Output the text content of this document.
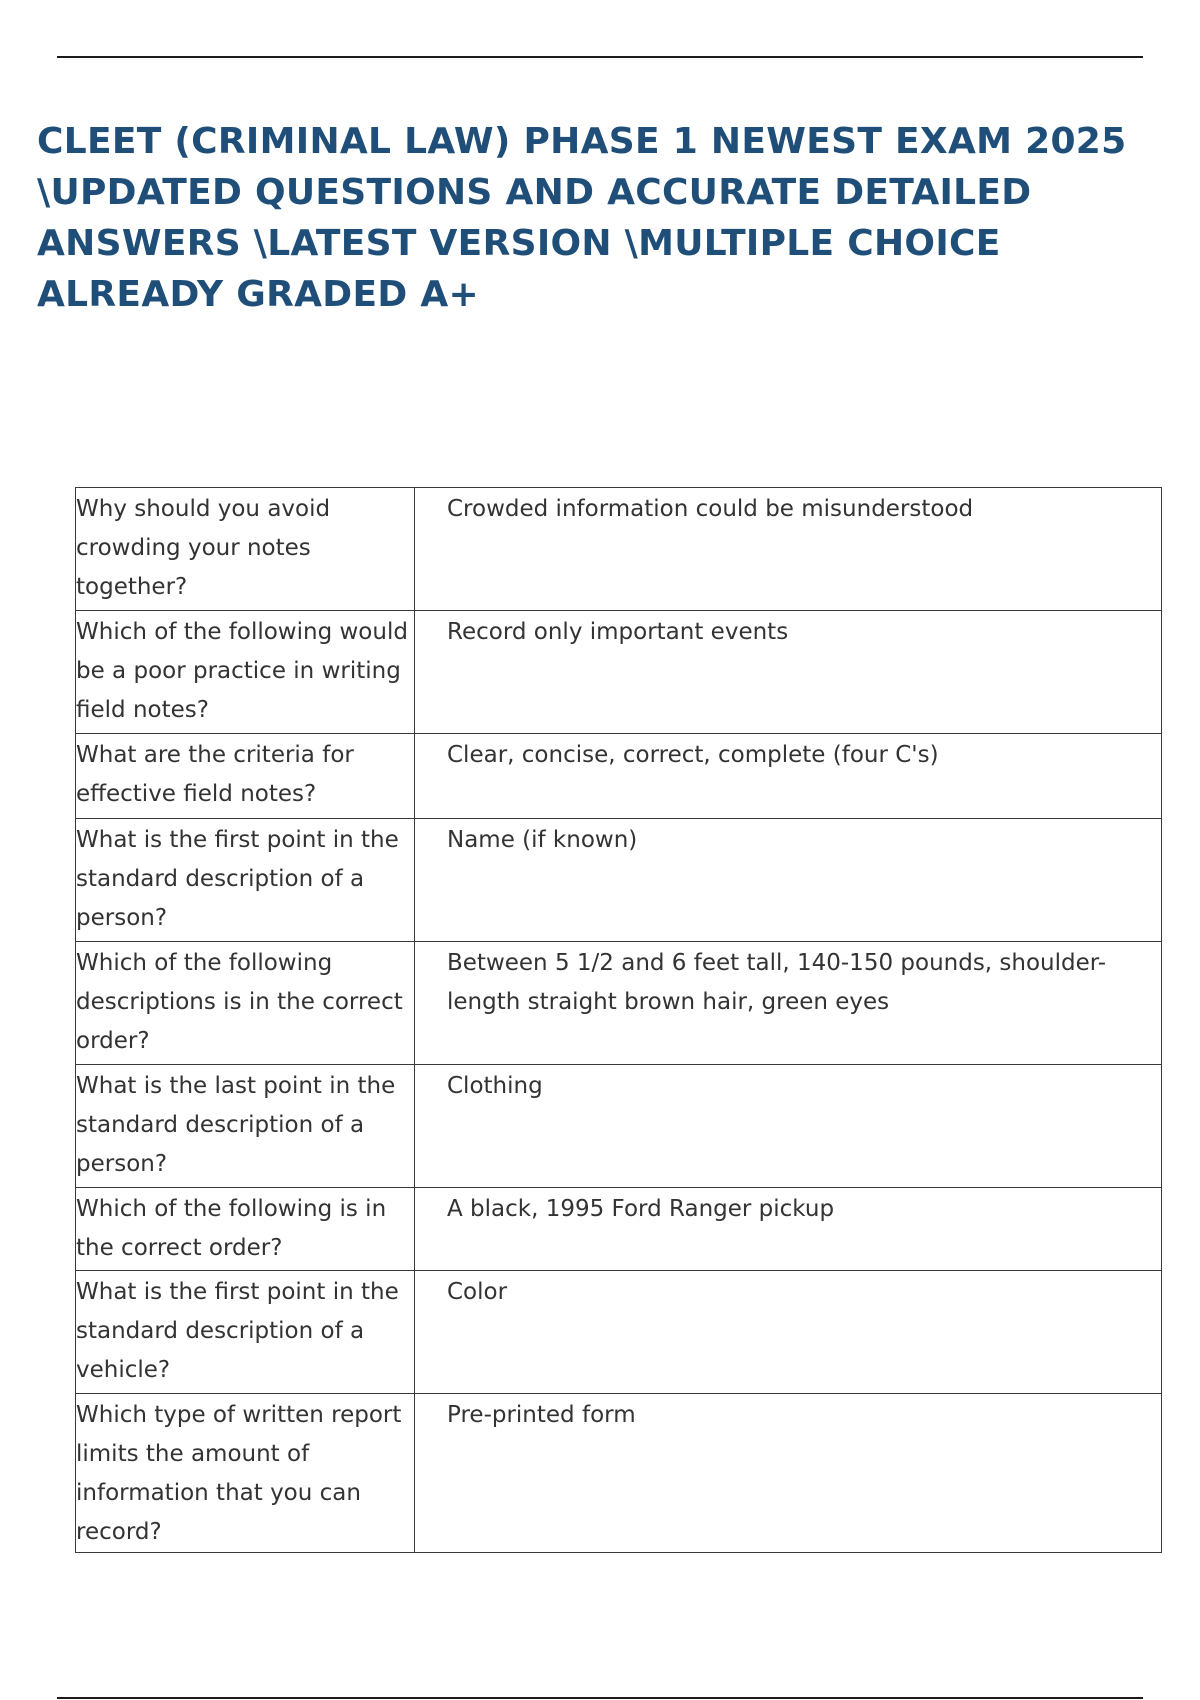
CLEET (CRIMINAL LAW) PHASE 1 NEWEST EXAM 2025 \UPDATED QUESTIONS AND ACCURATE DETAILED ANSWERS \LATEST VERSION \MULTIPLE CHOICE ALREADY GRADED A+
Why should you avoid crowding your notes together?	Crowded information could be misunderstood
Which of the following would be a poor practice in writing field notes?	Record only important events
What are the criteria for effective field notes?	Clear, concise, correct, complete (four C's)
What is the first point in the standard description of a person?	Name (if known)
Which of the following descriptions is in the correct order?	Between 5 1/2 and 6 feet tall, 140-150 pounds, shoulder-length straight brown hair, green eyes
What is the last point in the standard description of a person?	Clothing
Which of the following is in the correct order?	A black, 1995 Ford Ranger pickup
What is the first point in the standard description of a vehicle?	Color
Which type of written report limits the amount of information that you can record?	Pre-printed form
